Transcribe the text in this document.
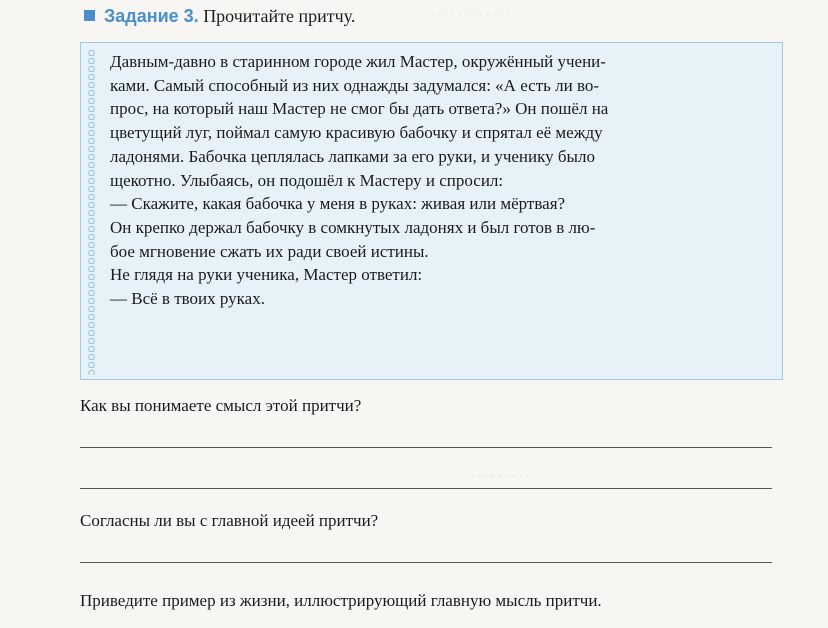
. . . . . . . . . . . .
. . . . . . . . .
Задание 3. Прочитайте притчу.
Давным-давно в старинном городе жил Мастер, окружённый учени-
ками. Самый способный из них однажды задумался: «А есть ли во-
прос, на который наш Мастер не смог бы дать ответа?» Он пошёл на
цветущий луг, поймал самую красивую бабочку и спрятал её между
ладонями. Бабочка цеплялась лапками за его руки, и ученику было
щекотно. Улыбаясь, он подошёл к Мастеру и спросил:
— Скажите, какая бабочка у меня в руках: живая или мёртвая?
Он крепко держал бабочку в сомкнутых ладонях и был готов в лю-
бое мгновение сжать их ради своей истины.
Не глядя на руки ученика, Мастер ответил:
— Всё в твоих руках.
Как вы понимаете смысл этой притчи?
Согласны ли вы с главной идеей притчи?
Приведите пример из жизни, иллюстрирующий главную мысль притчи.
